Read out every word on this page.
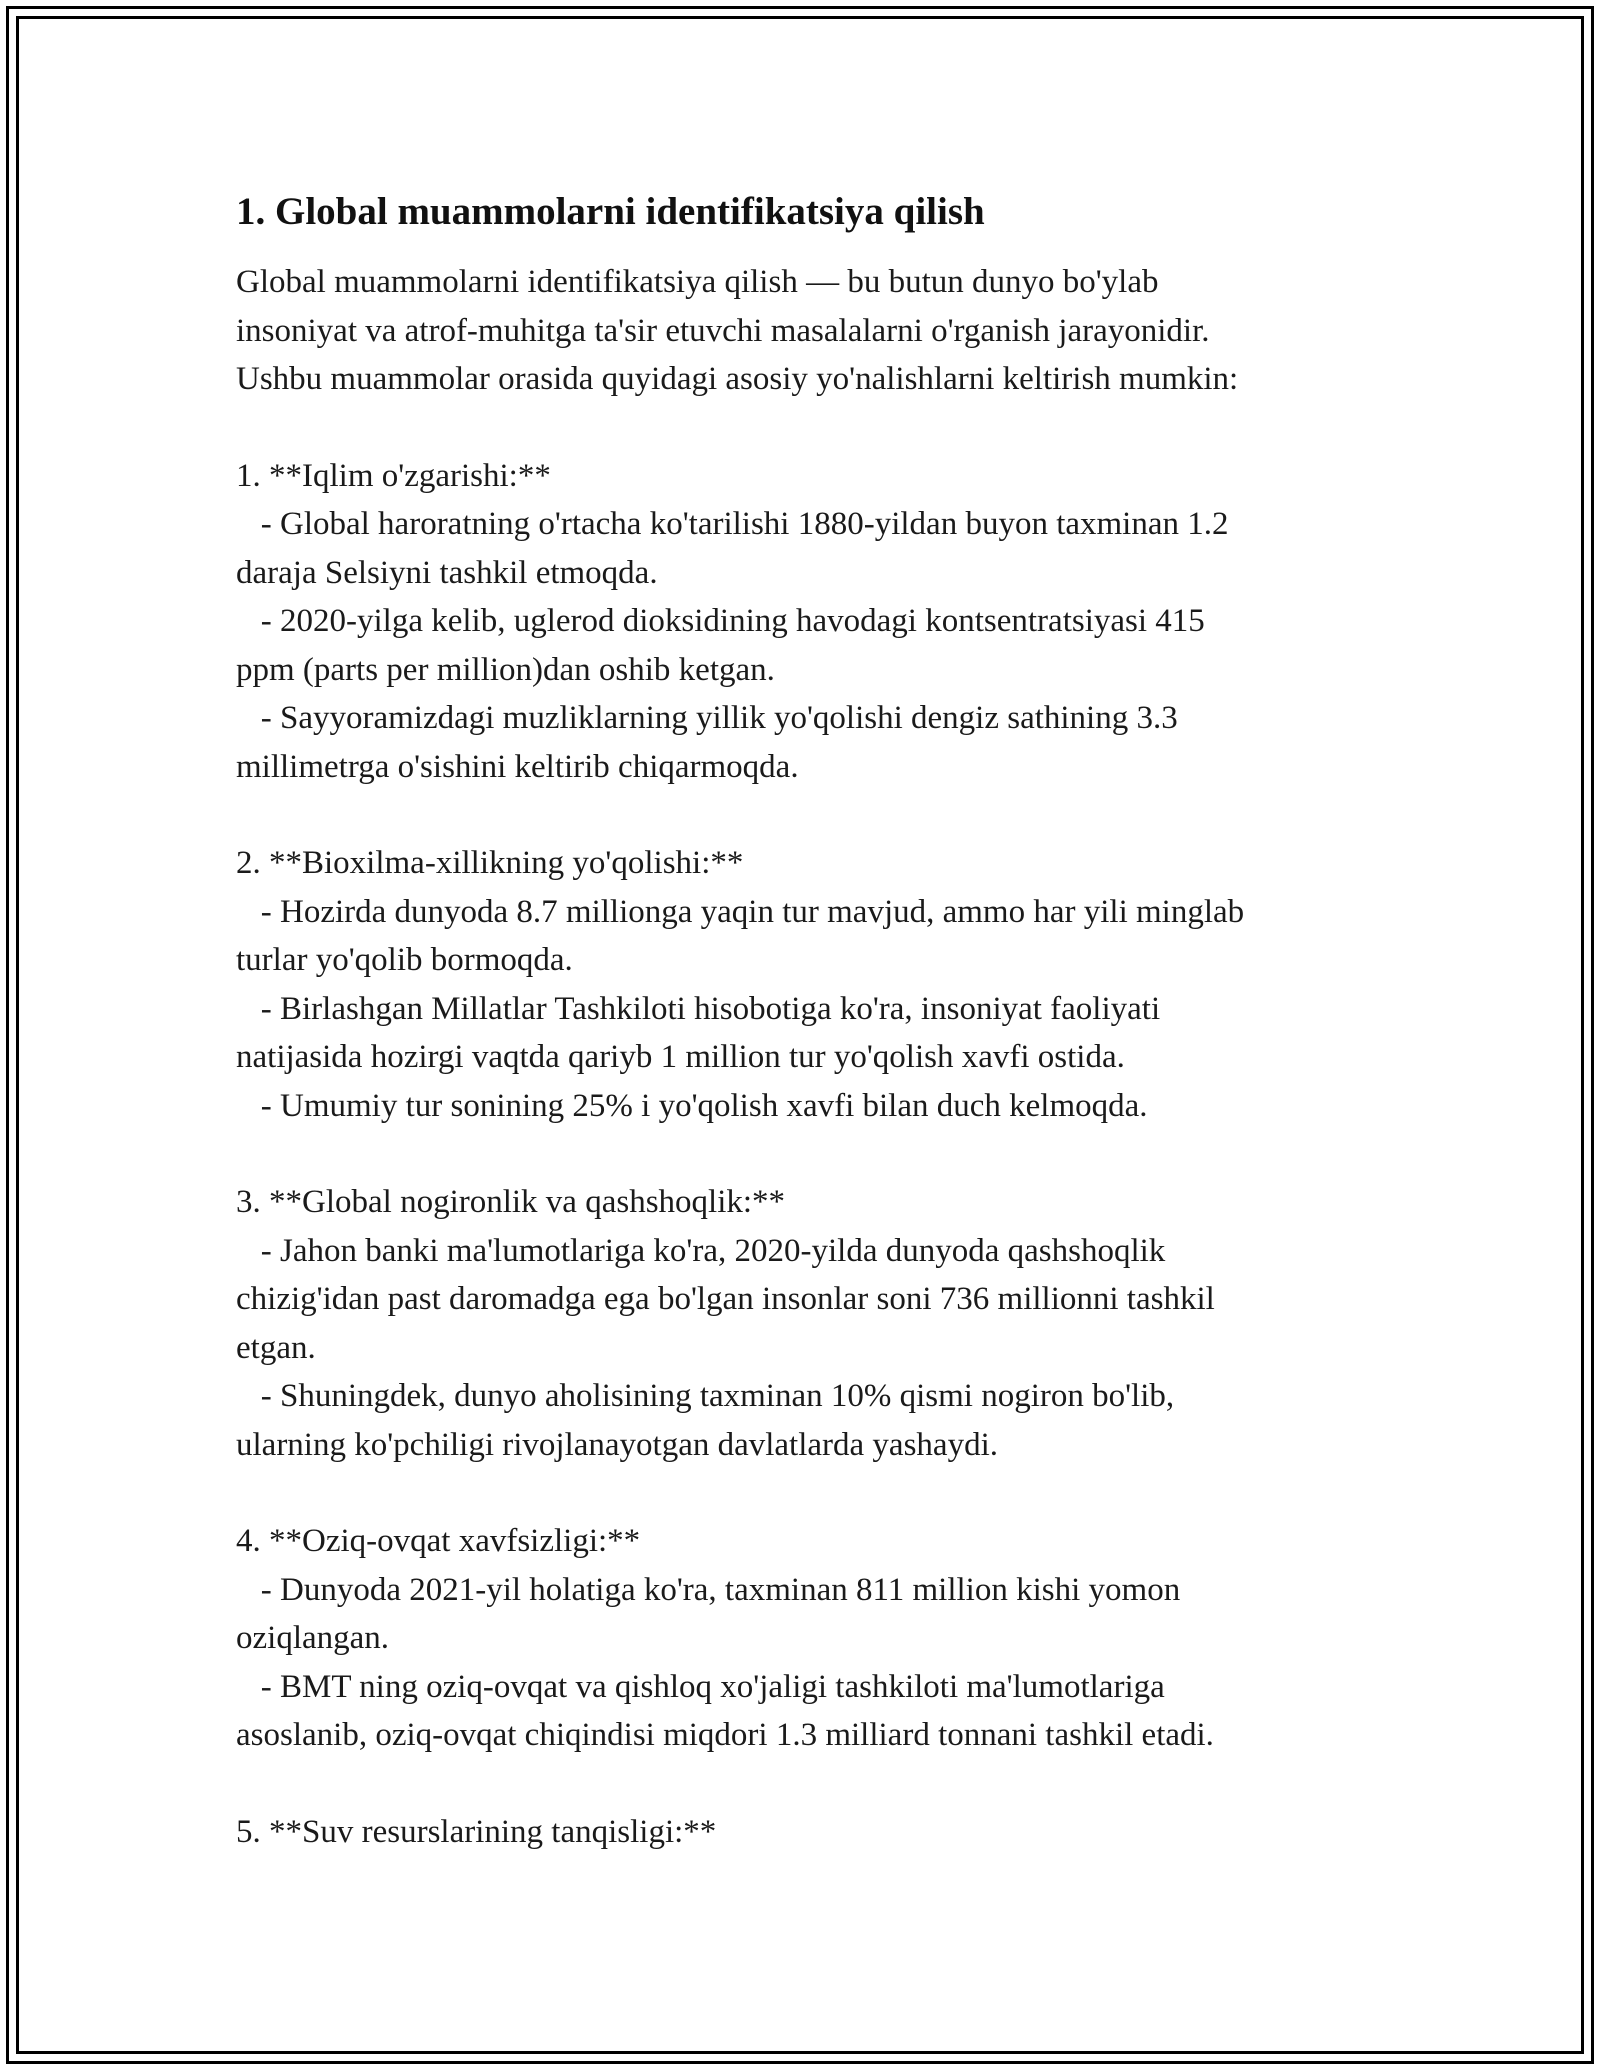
1. Global muammolarni identifikatsiya qilish

Global muammolarni identifikatsiya qilish — bu butun dunyo bo'ylab
insoniyat va atrof-muhitga ta'sir etuvchi masalalarni o'rganish jarayonidir.
Ushbu muammolar orasida quyidagi asosiy yo'nalishlarni keltirish mumkin:

1. **Iqlim o'zgarishi:**
- Global haroratning o'rtacha ko'tarilishi 1880-yildan buyon taxminan 1.2
daraja Selsiyni tashkil etmoqda.
- 2020-yilga kelib, uglerod dioksidining havodagi kontsentratsiyasi 415
ppm (parts per million)dan oshib ketgan.
- Sayyoramizdagi muzliklarning yillik yo'qolishi dengiz sathining 3.3
millimetrga o'sishini keltirib chiqarmoqda.
2. **Bioxilma-xillikning yo'qolishi:**
- Hozirda dunyoda 8.7 millionga yaqin tur mavjud, ammo har yili minglab
turlar yo'qolib bormoqda.
- Birlashgan Millatlar Tashkiloti hisobotiga ko'ra, insoniyat faoliyati
natijasida hozirgi vaqtda qariyb 1 million tur yo'qolish xavfi ostida.
- Umumiy tur sonining 25% i yo'qolish xavfi bilan duch kelmoqda.
3. **Global nogironlik va qashshoqlik:**
- Jahon banki ma'lumotlariga ko'ra, 2020-yilda dunyoda qashshoqlik
chizig'idan past daromadga ega bo'lgan insonlar soni 736 millionni tashkil
etgan.
- Shuningdek, dunyo aholisining taxminan 10% qismi nogiron bo'lib,
ularning ko'pchiligi rivojlanayotgan davlatlarda yashaydi.
4. **Oziq-ovqat xavfsizligi:**
- Dunyoda 2021-yil holatiga ko'ra, taxminan 811 million kishi yomon
oziqlangan.
- BMT ning oziq-ovqat va qishloq xo'jaligi tashkiloti ma'lumotlariga
asoslanib, oziq-ovqat chiqindisi miqdori 1.3 milliard tonnani tashkil etadi.
5. **Suv resurslarining tanqisligi:**
